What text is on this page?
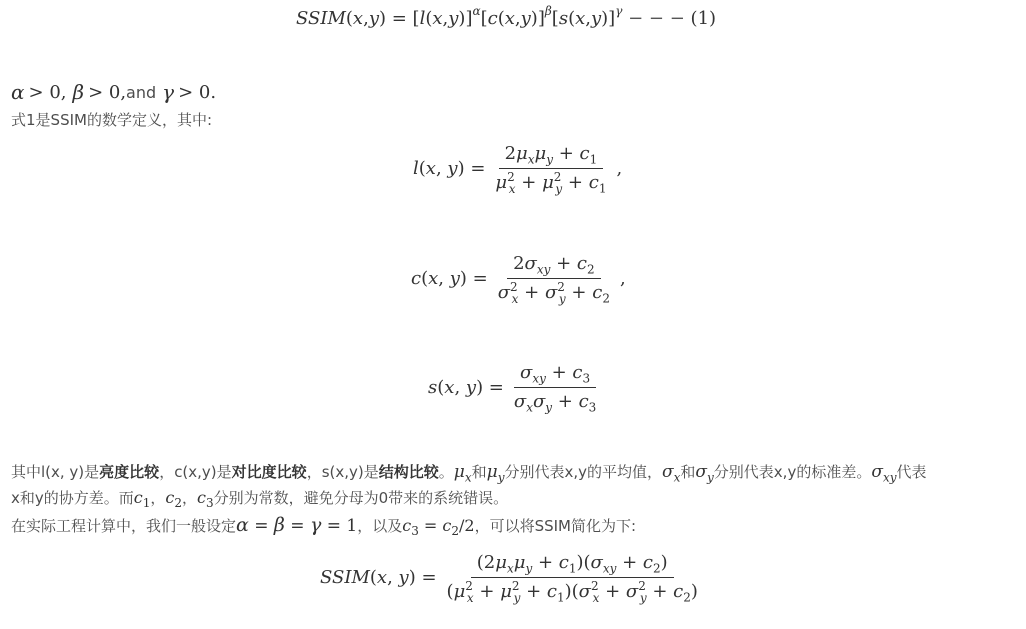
SSIM ( x , y ) = [ l ( x , y )]$^\alpha$ [ c ( x , y )]$^\beta$ [ s ( x , y )]$^\gamma$
− − −
(1)
α > 0, β > 0, and γ > 0.
式1是SSIM的数学定义，其中:
l(x, $y) = \frac{2\mu_x\mu_y + c_1}{\mu^2_x + \mu^2_y + c_1}$ ,
c(x, $y) = \frac{2\sigma_{xy} + c_2}{\sigma^2_x + \sigma^2_y + c_2}$ ,
s(x, $y) = \frac{\sigma_{xy} + c_3}{\sigma_x\sigma_y + c_3}$
其中l(x, y)是亮度比较，c(x,y)是对比度比较，s(x,y)是结构比较。$\mu_x$和$\mu_y$分别代表x,y的平均值，$\sigma_x$和$\sigma_y$分别代表x,y的标准差。$\sigma_{xy}$代表
x和y的协方差。而$c_1$，$c_2$，$c_3$分别为常数，避免分母为0带来的系统错误。
在实际工程计算中，我们一般设定α = β = γ = 1，以及$c_3 = c_2/2$，可以将SSIM简化为下:
SSIM(x, $y) = \frac{(2\mu_x\mu_y + c_1)(\sigma_{xy} + c_2)}{(\mu^2_x + \mu^2_y + c_1)(\sigma^2_x + \sigma^2_y + c_2)}$
